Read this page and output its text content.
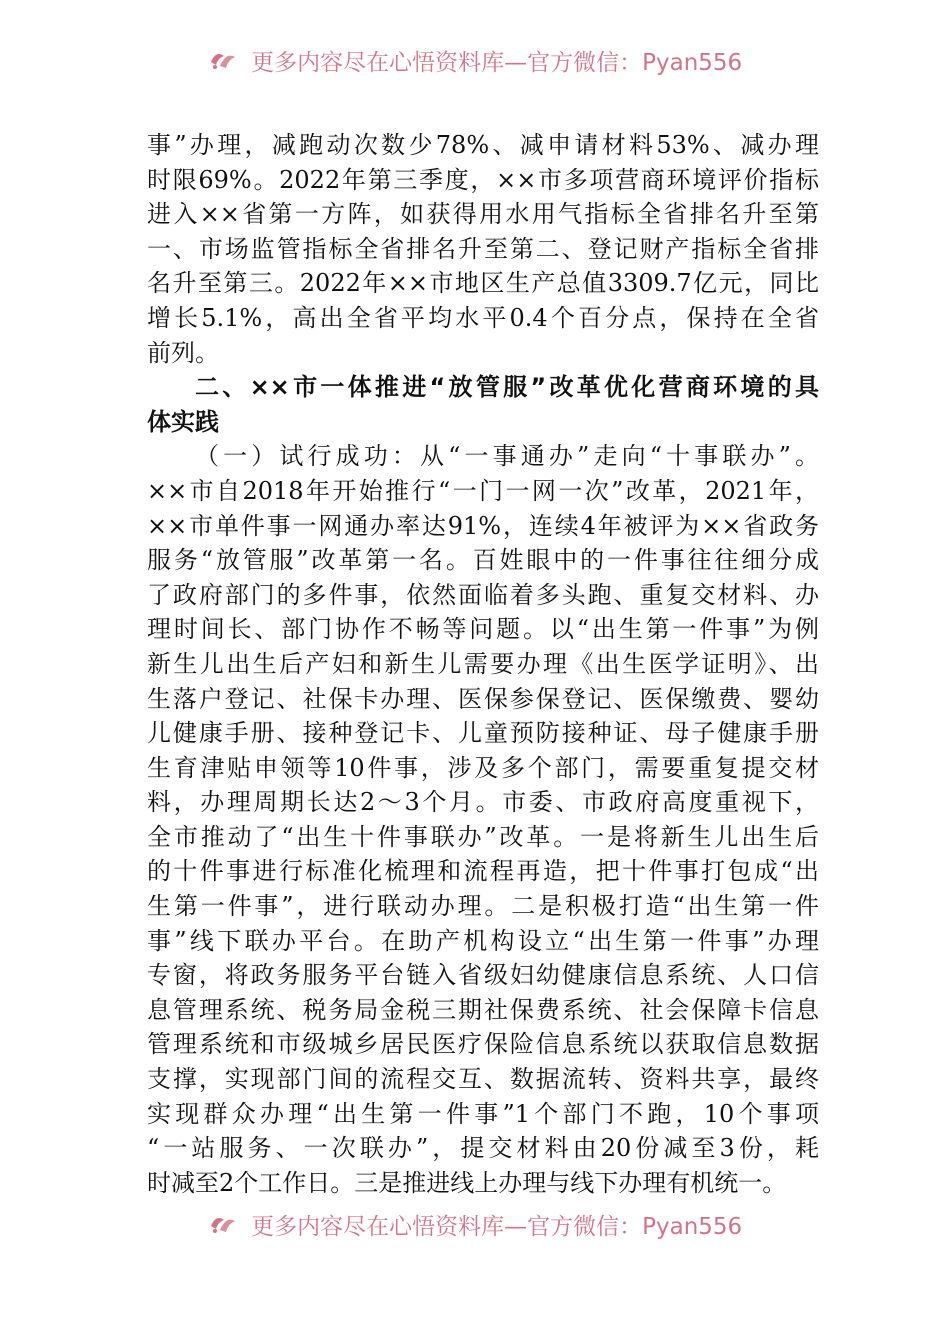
更多内容尽在心悟资料库—官方微信：Pyan556
事”办理，减跑动次数少78%、减申请材料53%、减办理
时限69%。2022年第三季度，××市多项营商环境评价指标
进入××省第一方阵，如获得用水用气指标全省排名升至第
一、市场监管指标全省排名升至第二、登记财产指标全省排
名升至第三。2022年××市地区生产总值3309.7亿元，同比
增长5.1%，高出全省平均水平0.4个百分点，保持在全省
前列。
二、××市一体推进“放管服”改革优化营商环境的具
体实践
（一）试行成功：从“一事通办”走向“十事联办”。
××市自2018年开始推行“一门一网一次”改革，2021年，
××市单件事一网通办率达91%，连续4年被评为××省政务
服务“放管服”改革第一名。百姓眼中的一件事往往细分成
了政府部门的多件事，依然面临着多头跑、重复交材料、办
理时间长、部门协作不畅等问题。以“出生第一件事”为例
新生儿出生后产妇和新生儿需要办理《出生医学证明》、出
生落户登记、社保卡办理、医保参保登记、医保缴费、婴幼
儿健康手册、接种登记卡、儿童预防接种证、母子健康手册
生育津贴申领等10件事，涉及多个部门，需要重复提交材
料，办理周期长达2～3个月。市委、市政府高度重视下，
全市推动了“出生十件事联办”改革。一是将新生儿出生后
的十件事进行标准化梳理和流程再造，把十件事打包成“出
生第一件事”，进行联动办理。二是积极打造“出生第一件
事”线下联办平台。在助产机构设立“出生第一件事”办理
专窗，将政务服务平台链入省级妇幼健康信息系统、人口信
息管理系统、税务局金税三期社保费系统、社会保障卡信息
管理系统和市级城乡居民医疗保险信息系统以获取信息数据
支撑，实现部门间的流程交互、数据流转、资料共享，最终
实现群众办理“出生第一件事”1个部门不跑，10个事项
“一站服务、一次联办”，提交材料由20份减至3份，耗
时减至2个工作日。三是推进线上办理与线下办理有机统一。
更多内容尽在心悟资料库—官方微信：Pyan556
